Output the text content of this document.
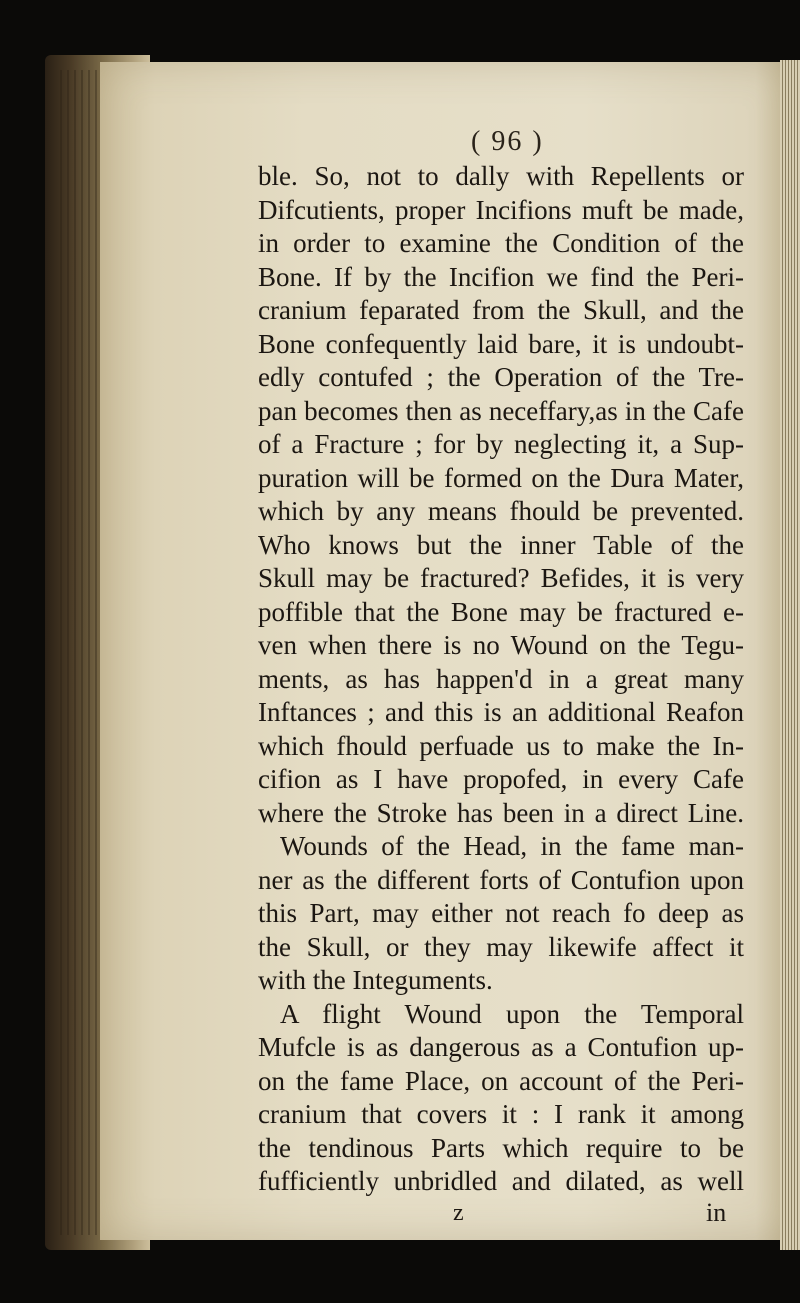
( 96 )
ble. So, not to dally with Repellents or
Difcutients, proper Incifions muft be made,
in order to examine the Condition of the
Bone. If by the Incifion we find the Peri-
cranium feparated from the Skull, and the
Bone confequently laid bare, it is undoubt-
edly contufed ; the Operation of the Tre-
pan becomes then as neceffary,as in the Cafe
of a Fracture ; for by neglecting it, a Sup-
puration will be formed on the Dura Mater,
which by any means fhould be prevented.
Who knows but the inner Table of the
Skull may be fractured? Befides, it is very
poffible that the Bone may be fractured e-
ven when there is no Wound on the Tegu-
ments, as has happen'd in a great many
Inftances ; and this is an additional Reafon
which fhould perfuade us to make the In-
cifion as I have propofed, in every Cafe
where the Stroke has been in a direct Line.
Wounds of the Head, in the fame man-
ner as the different forts of Contufion upon
this Part, may either not reach fo deep as
the Skull, or they may likewife affect it
with the Integuments.
A flight Wound upon the Temporal
Mufcle is as dangerous as a Contufion up-
on the fame Place, on account of the Peri-
cranium that covers it : I rank it among
the tendinous Parts which require to be
fufficiently unbridled and dilated, as well
z	in
